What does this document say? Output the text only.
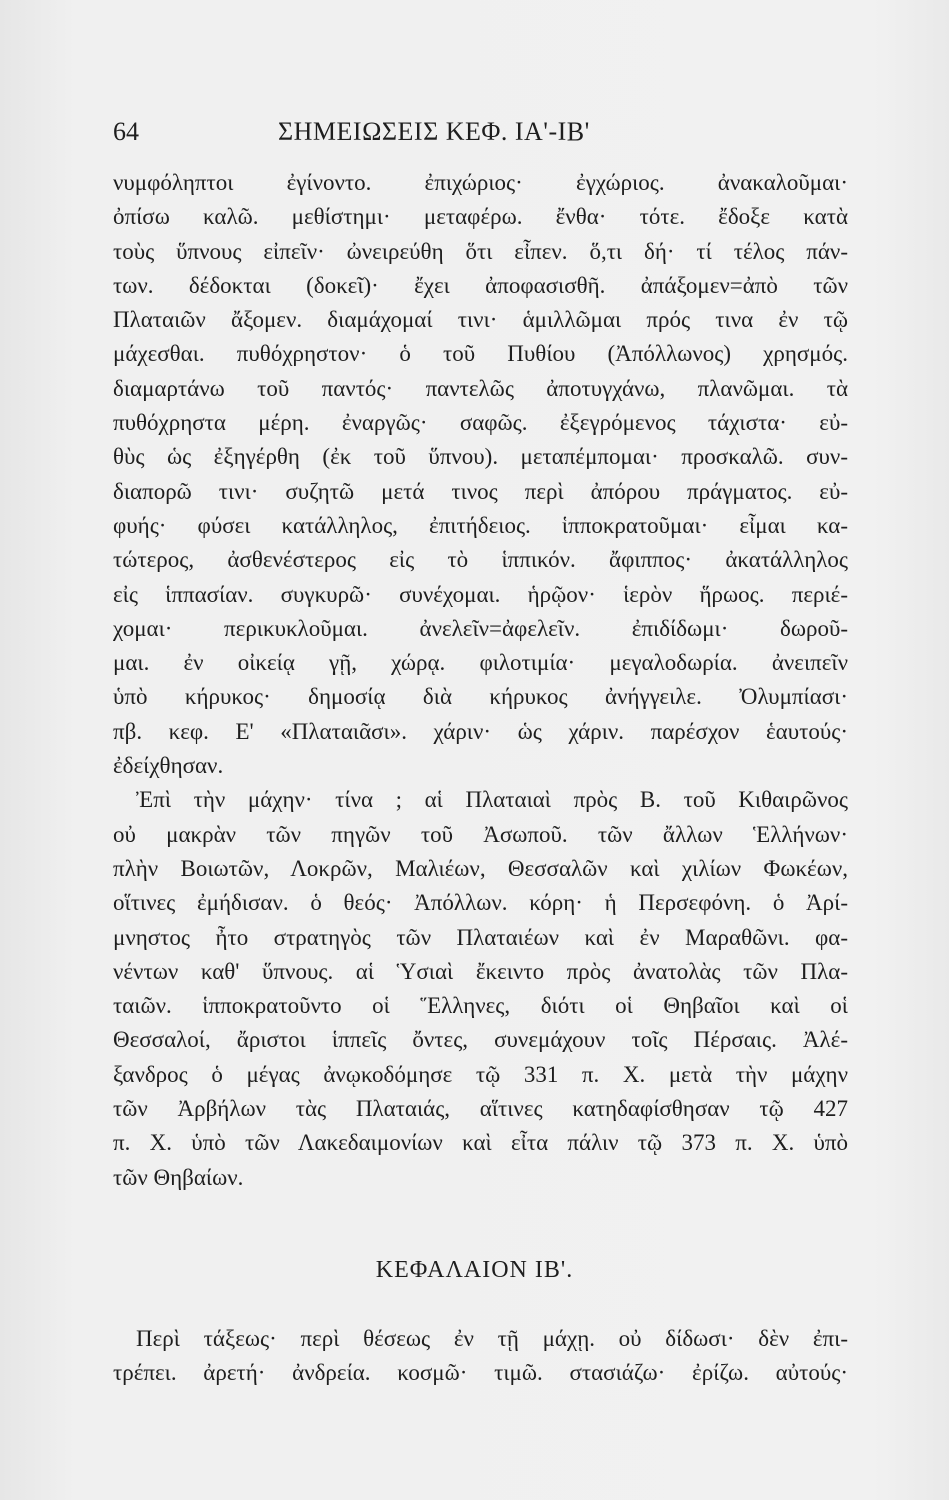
64	ΣΗΜΕΙΩΣΕΙΣ ΚΕΦ. ΙΑ'-ΙΒ'
νυμφόληπτοι ἐγίνοντο. ἐπιχώριος· ἐγχώριος. ἀνακαλοῦμαι·
ὀπίσω καλῶ. μεθίστημι· μεταφέρω. ἔνθα· τότε. ἔδοξε κατὰ
τοὺς ὕπνους εἰπεῖν· ὠνειρεύθη ὅτι εἶπεν. ὅ,τι δή· τί τέλος πάν-
των. δέδοκται (δοκεῖ)· ἔχει ἀποφασισθῆ. ἀπάξομεν=ἀπὸ τῶν
Πλαταιῶν ἄξομεν. διαμάχομαί τινι· ἁμιλλῶμαι πρός τινα ἐν τῷ
μάχεσθαι. πυθόχρηστον· ὁ τοῦ Πυθίου (Ἀπόλλωνος) χρησμός.
διαμαρτάνω τοῦ παντός· παντελῶς ἀποτυγχάνω, πλανῶμαι. τὰ
πυθόχρηστα μέρη. ἐναργῶς· σαφῶς. ἐξεγρόμενος τάχιστα· εὐ-
θὺς ὡς ἐξηγέρθη (ἐκ τοῦ ὕπνου). μεταπέμπομαι· προσκαλῶ. συν-
διαπορῶ τινι· συζητῶ μετά τινος περὶ ἀπόρου πράγματος. εὐ-
φυής· φύσει κατάλληλος, ἐπιτήδειος. ἱπποκρατοῦμαι· εἶμαι κα-
τώτερος, ἀσθενέστερος εἰς τὸ ἱππικόν. ἄφιππος· ἀκατάλληλος
εἰς ἱππασίαν. συγκυρῶ· συνέχομαι. ἡρῷον· ἱερὸν ἥρωος. περιέ-
χομαι· περικυκλοῦμαι. ἀνελεῖν=ἀφελεῖν. ἐπιδίδωμι· δωροῦ-
μαι. ἐν οἰκείᾳ γῇ, χώρᾳ. φιλοτιμία· μεγαλοδωρία. ἀνειπεῖν
ὑπὸ κήρυκος· δημοσίᾳ διὰ κήρυκος ἀνήγγειλε. Ὀλυμπίασι·
πβ. κεφ. Ε' «Πλαταιᾶσι». χάριν· ὡς χάριν. παρέσχον ἑαυτούς·
ἐδείχθησαν.
Ἐπὶ τὴν μάχην· τίνα ; αἱ Πλαταιαὶ πρὸς Β. τοῦ Κιθαιρῶνος
οὐ μακρὰν τῶν πηγῶν τοῦ Ἀσωποῦ. τῶν ἄλλων Ἑλλήνων·
πλὴν Βοιωτῶν, Λοκρῶν, Μαλιέων, Θεσσαλῶν καὶ χιλίων Φωκέων,
οἵτινες ἐμήδισαν. ὁ θεός· Ἀπόλλων. κόρη· ἡ Περσεφόνη. ὁ Ἀρί-
μνηστος ἦτο στρατηγὸς τῶν Πλαταιέων καὶ ἐν Μαραθῶνι. φα-
νέντων καθ' ὕπνους. αἱ Ὑσιαὶ ἔκειντο πρὸς ἀνατολὰς τῶν Πλα-
ταιῶν. ἱπποκρατοῦντο οἱ Ἕλληνες, διότι οἱ Θηβαῖοι καὶ οἱ
Θεσσαλοί, ἄριστοι ἱππεῖς ὄντες, συνεμάχουν τοῖς Πέρσαις. Ἀλέ-
ξανδρος ὁ μέγας ἀνῳκοδόμησε τῷ 331 π. Χ. μετὰ τὴν μάχην
τῶν Ἀρβήλων τὰς Πλαταιάς, αἵτινες κατηδαφίσθησαν τῷ 427
π. Χ. ὑπὸ τῶν Λακεδαιμονίων καὶ εἶτα πάλιν τῷ 373 π. Χ. ὑπὸ
τῶν Θηβαίων.
ΚΕΦΑΛΑΙΟΝ ΙΒ'.
Περὶ τάξεως· περὶ θέσεως ἐν τῇ μάχῃ. οὐ δίδωσι· δὲν ἐπι-
τρέπει. ἀρετή· ἀνδρεία. κοσμῶ· τιμῶ. στασιάζω· ἐρίζω. αὐτούς·
